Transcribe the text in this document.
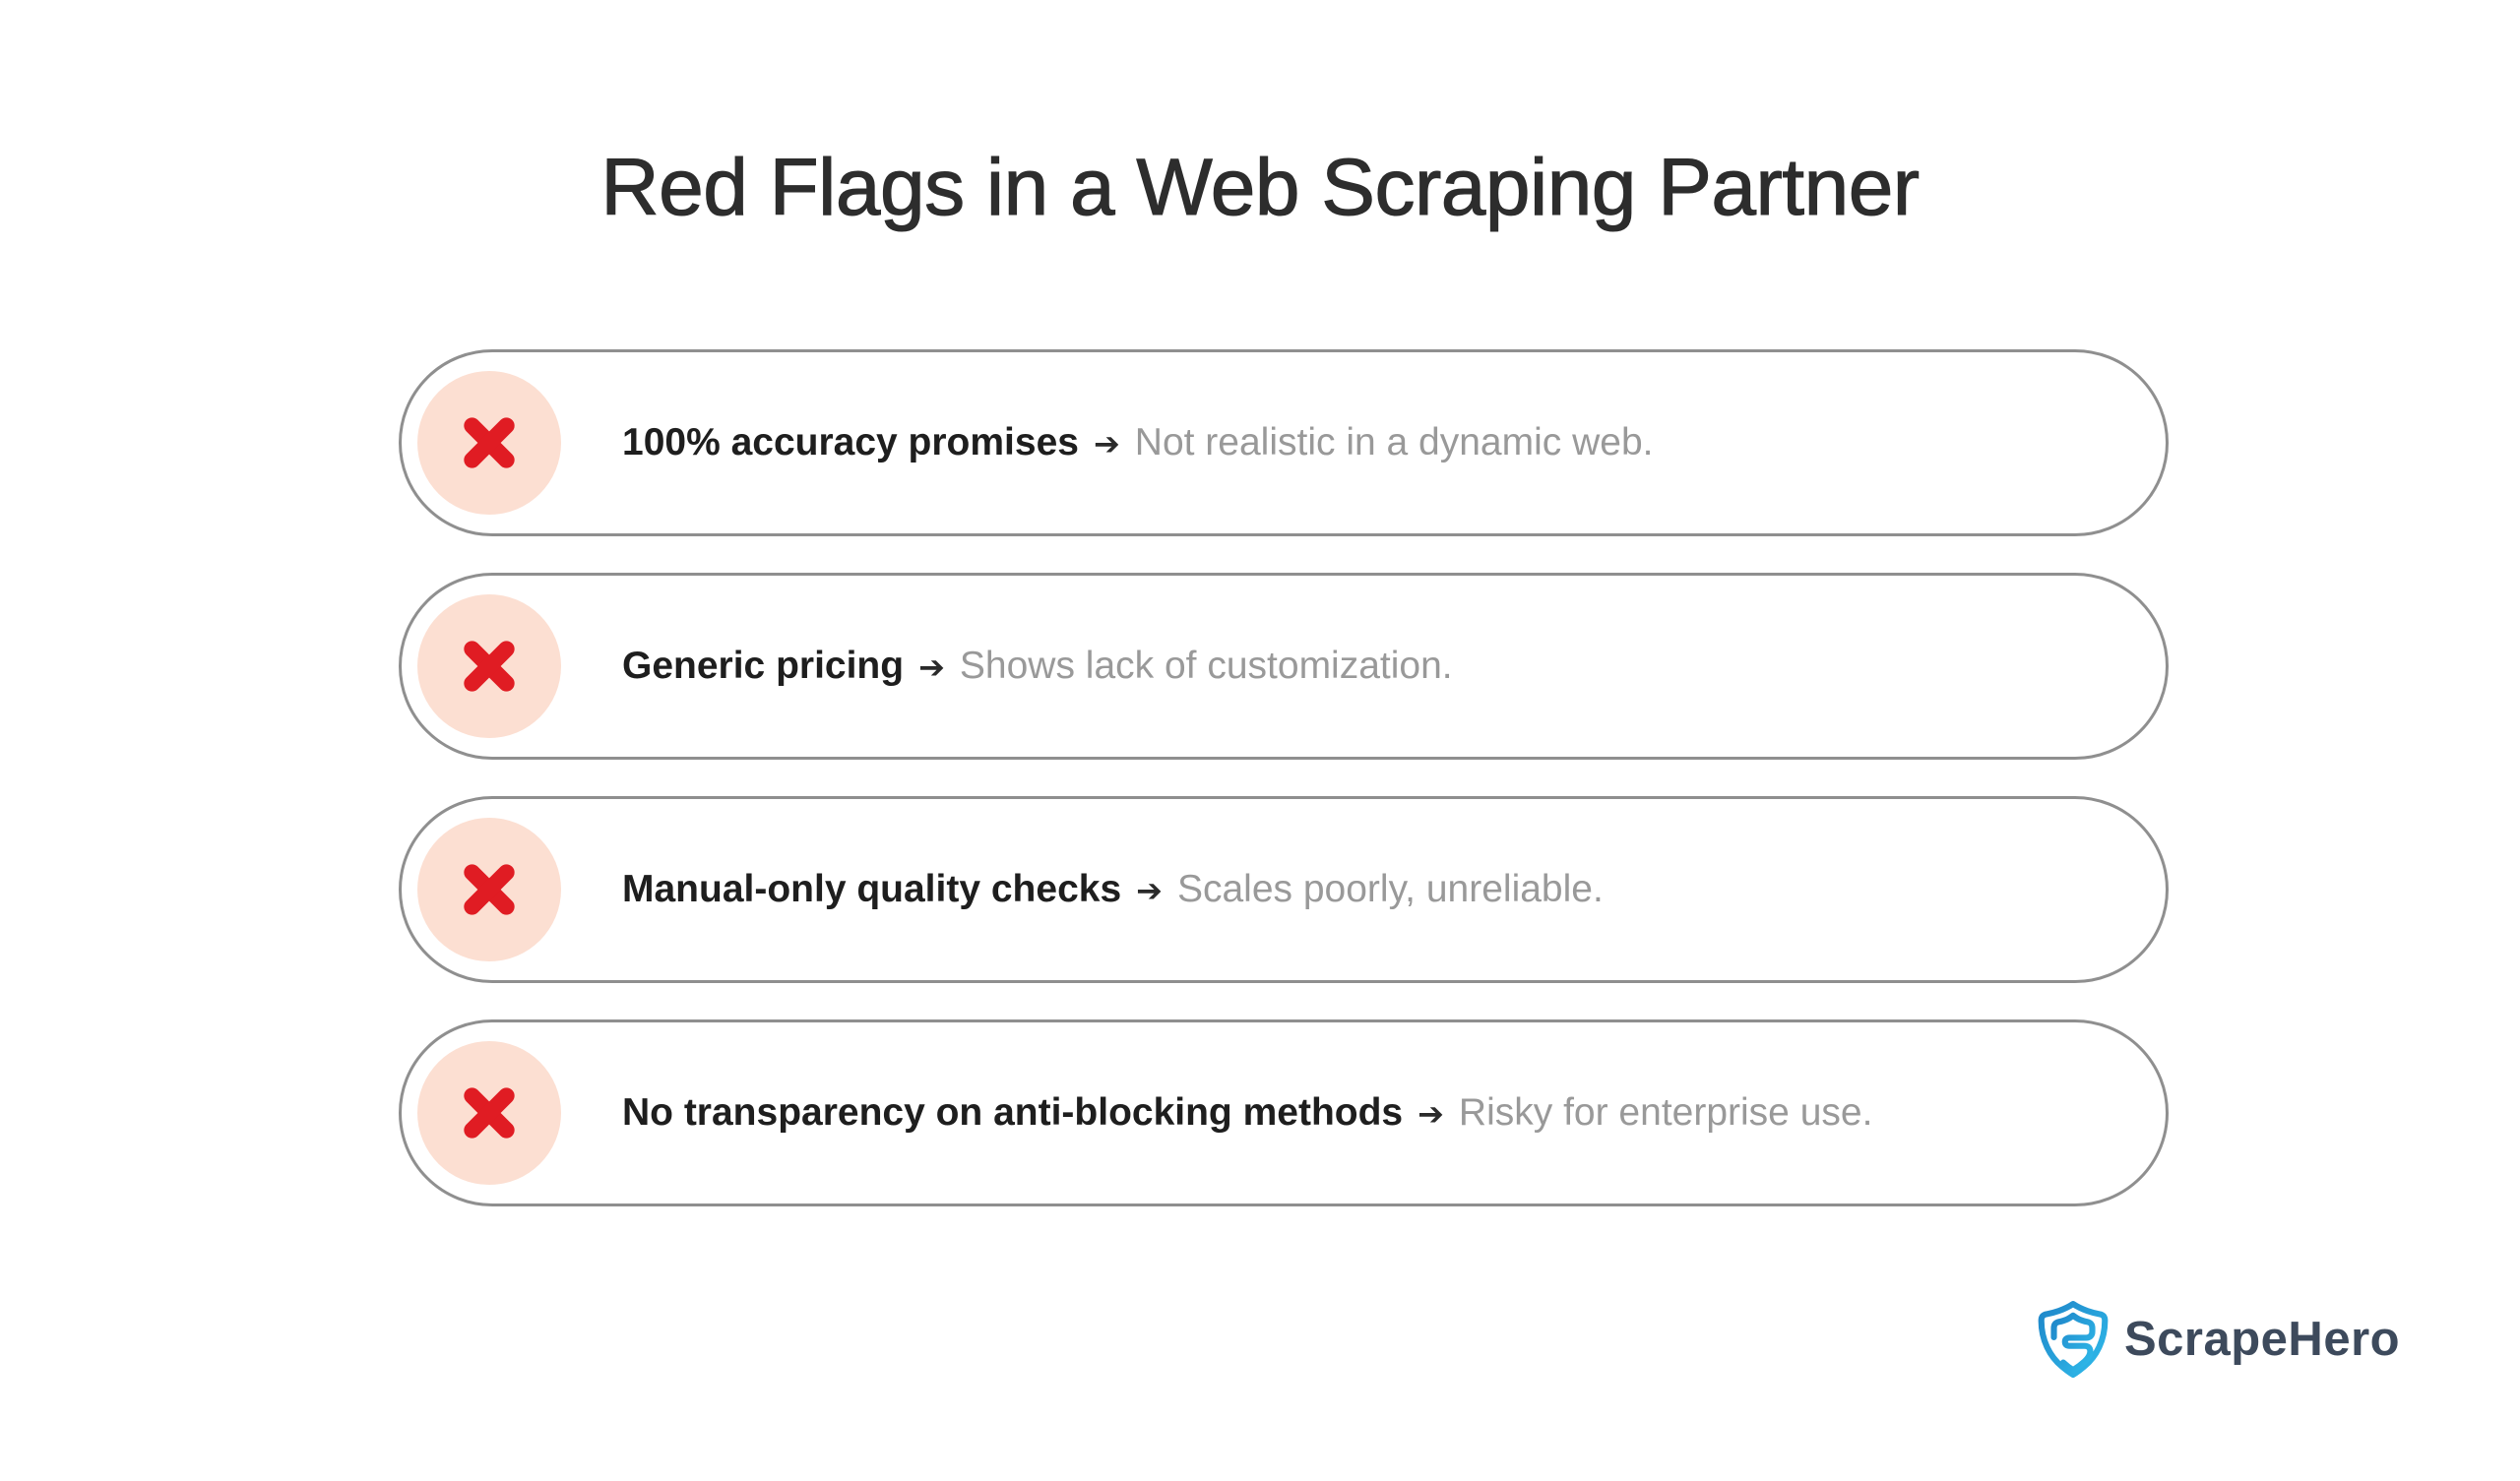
Red Flags in a Web Scraping Partner

100% accuracy promises ➔ Not realistic in a dynamic web.

Generic pricing ➔ Shows lack of customization.

Manual-only quality checks ➔ Scales poorly, unreliable.

No transparency on anti-blocking methods ➔ Risky for enterprise use.

ScrapeHero
